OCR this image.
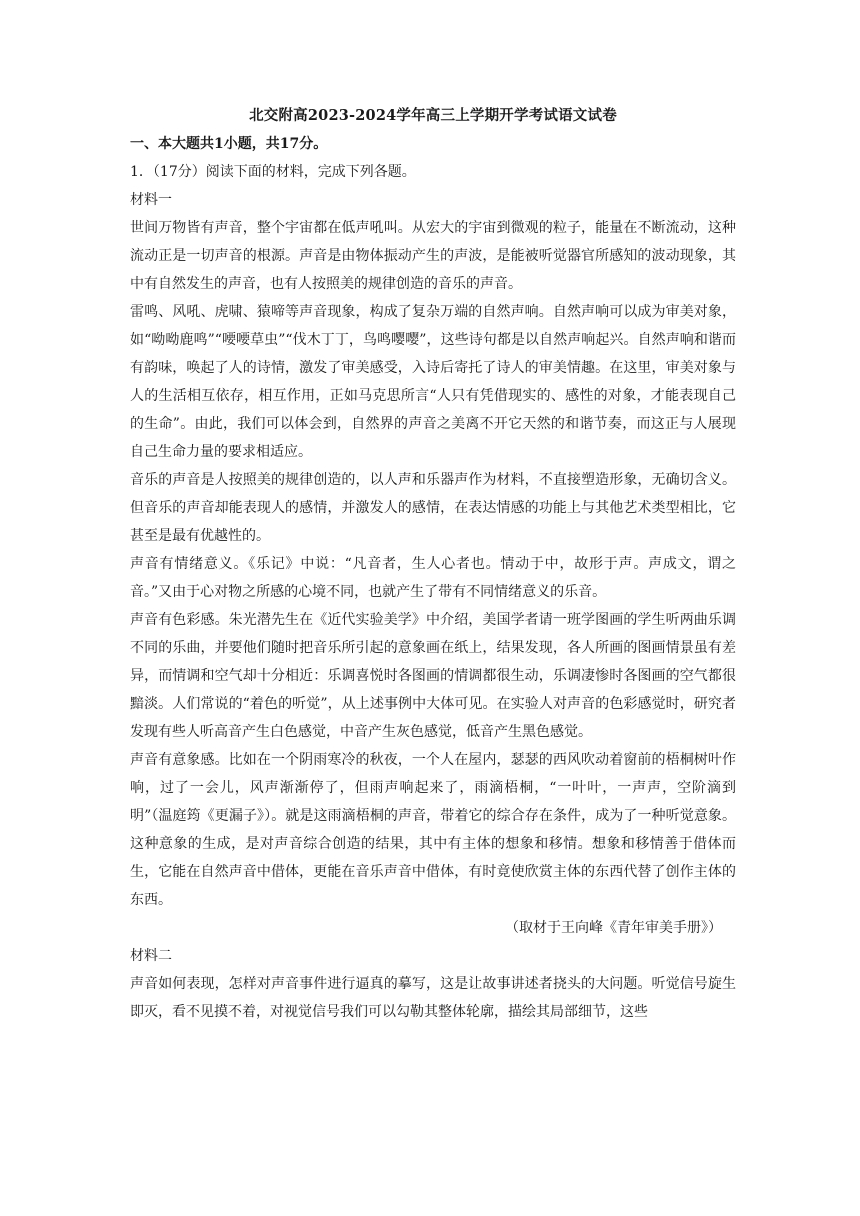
北交附高2023-2024学年高三上学期开学考试语文试卷

一、本大题共1小题，共17分。

1．（17分）阅读下面的材料，完成下列各题。

材料一

世间万物皆有声音，整个宇宙都在低声吼叫。从宏大的宇宙到微观的粒子，能量在不断流动，这种流动正是一切声音的根源。声音是由物体振动产生的声波，是能被听觉器官所感知的波动现象，其中有自然发生的声音，也有人按照美的规律创造的音乐的声音。

雷鸣、风吼、虎啸、猿啼等声音现象，构成了复杂万端的自然声响。自然声响可以成为审美对象，如“呦呦鹿鸣”“喓喓草虫”“伐木丁丁，鸟鸣嘤嘤”，这些诗句都是以自然声响起兴。自然声响和谐而有韵味，唤起了人的诗情，激发了审美感受，入诗后寄托了诗人的审美情趣。在这里，审美对象与人的生活相互依存，相互作用，正如马克思所言“人只有凭借现实的、感性的对象，才能表现自己的生命”。由此，我们可以体会到，自然界的声音之美离不开它天然的和谐节奏，而这正与人展现自己生命力量的要求相适应。

音乐的声音是人按照美的规律创造的，以人声和乐器声作为材料，不直接塑造形象，无确切含义。但音乐的声音却能表现人的感情，并激发人的感情，在表达情感的功能上与其他艺术类型相比，它甚至是最有优越性的。

声音有情绪意义。《乐记》中说：“凡音者，生人心者也。情动于中，故形于声。声成文，谓之音。”又由于心对物之所感的心境不同，也就产生了带有不同情绪意义的乐音。

声音有色彩感。朱光潜先生在《近代实验美学》中介绍，美国学者请一班学图画的学生听两曲乐调不同的乐曲，并要他们随时把音乐所引起的意象画在纸上，结果发现，各人所画的图画情景虽有差异，而情调和空气却十分相近：乐调喜悦时各图画的情调都很生动，乐调凄惨时各图画的空气都很黯淡。人们常说的“着色的听觉”，从上述事例中大体可见。在实验人对声音的色彩感觉时，研究者发现有些人听高音产生白色感觉，中音产生灰色感觉，低音产生黑色感觉。

声音有意象感。比如在一个阴雨寒冷的秋夜，一个人在屋内，瑟瑟的西风吹动着窗前的梧桐树叶作响，过了一会儿，风声渐渐停了，但雨声响起来了，雨滴梧桐，“一叶叶，一声声，空阶滴到明”（温庭筠《更漏子》）。就是这雨滴梧桐的声音，带着它的综合存在条件，成为了一种听觉意象。这种意象的生成，是对声音综合创造的结果，其中有主体的想象和移情。想象和移情善于借体而生，它能在自然声音中借体，更能在音乐声音中借体，有时竟使欣赏主体的东西代替了创作主体的东西。

（取材于王向峰《青年审美手册》）

材料二

声音如何表现，怎样对声音事件进行逼真的摹写，这是让故事讲述者挠头的大问题。听觉信号旋生即灭，看不见摸不着，对视觉信号我们可以勾勒其整体轮廓，描绘其局部细节，这些
